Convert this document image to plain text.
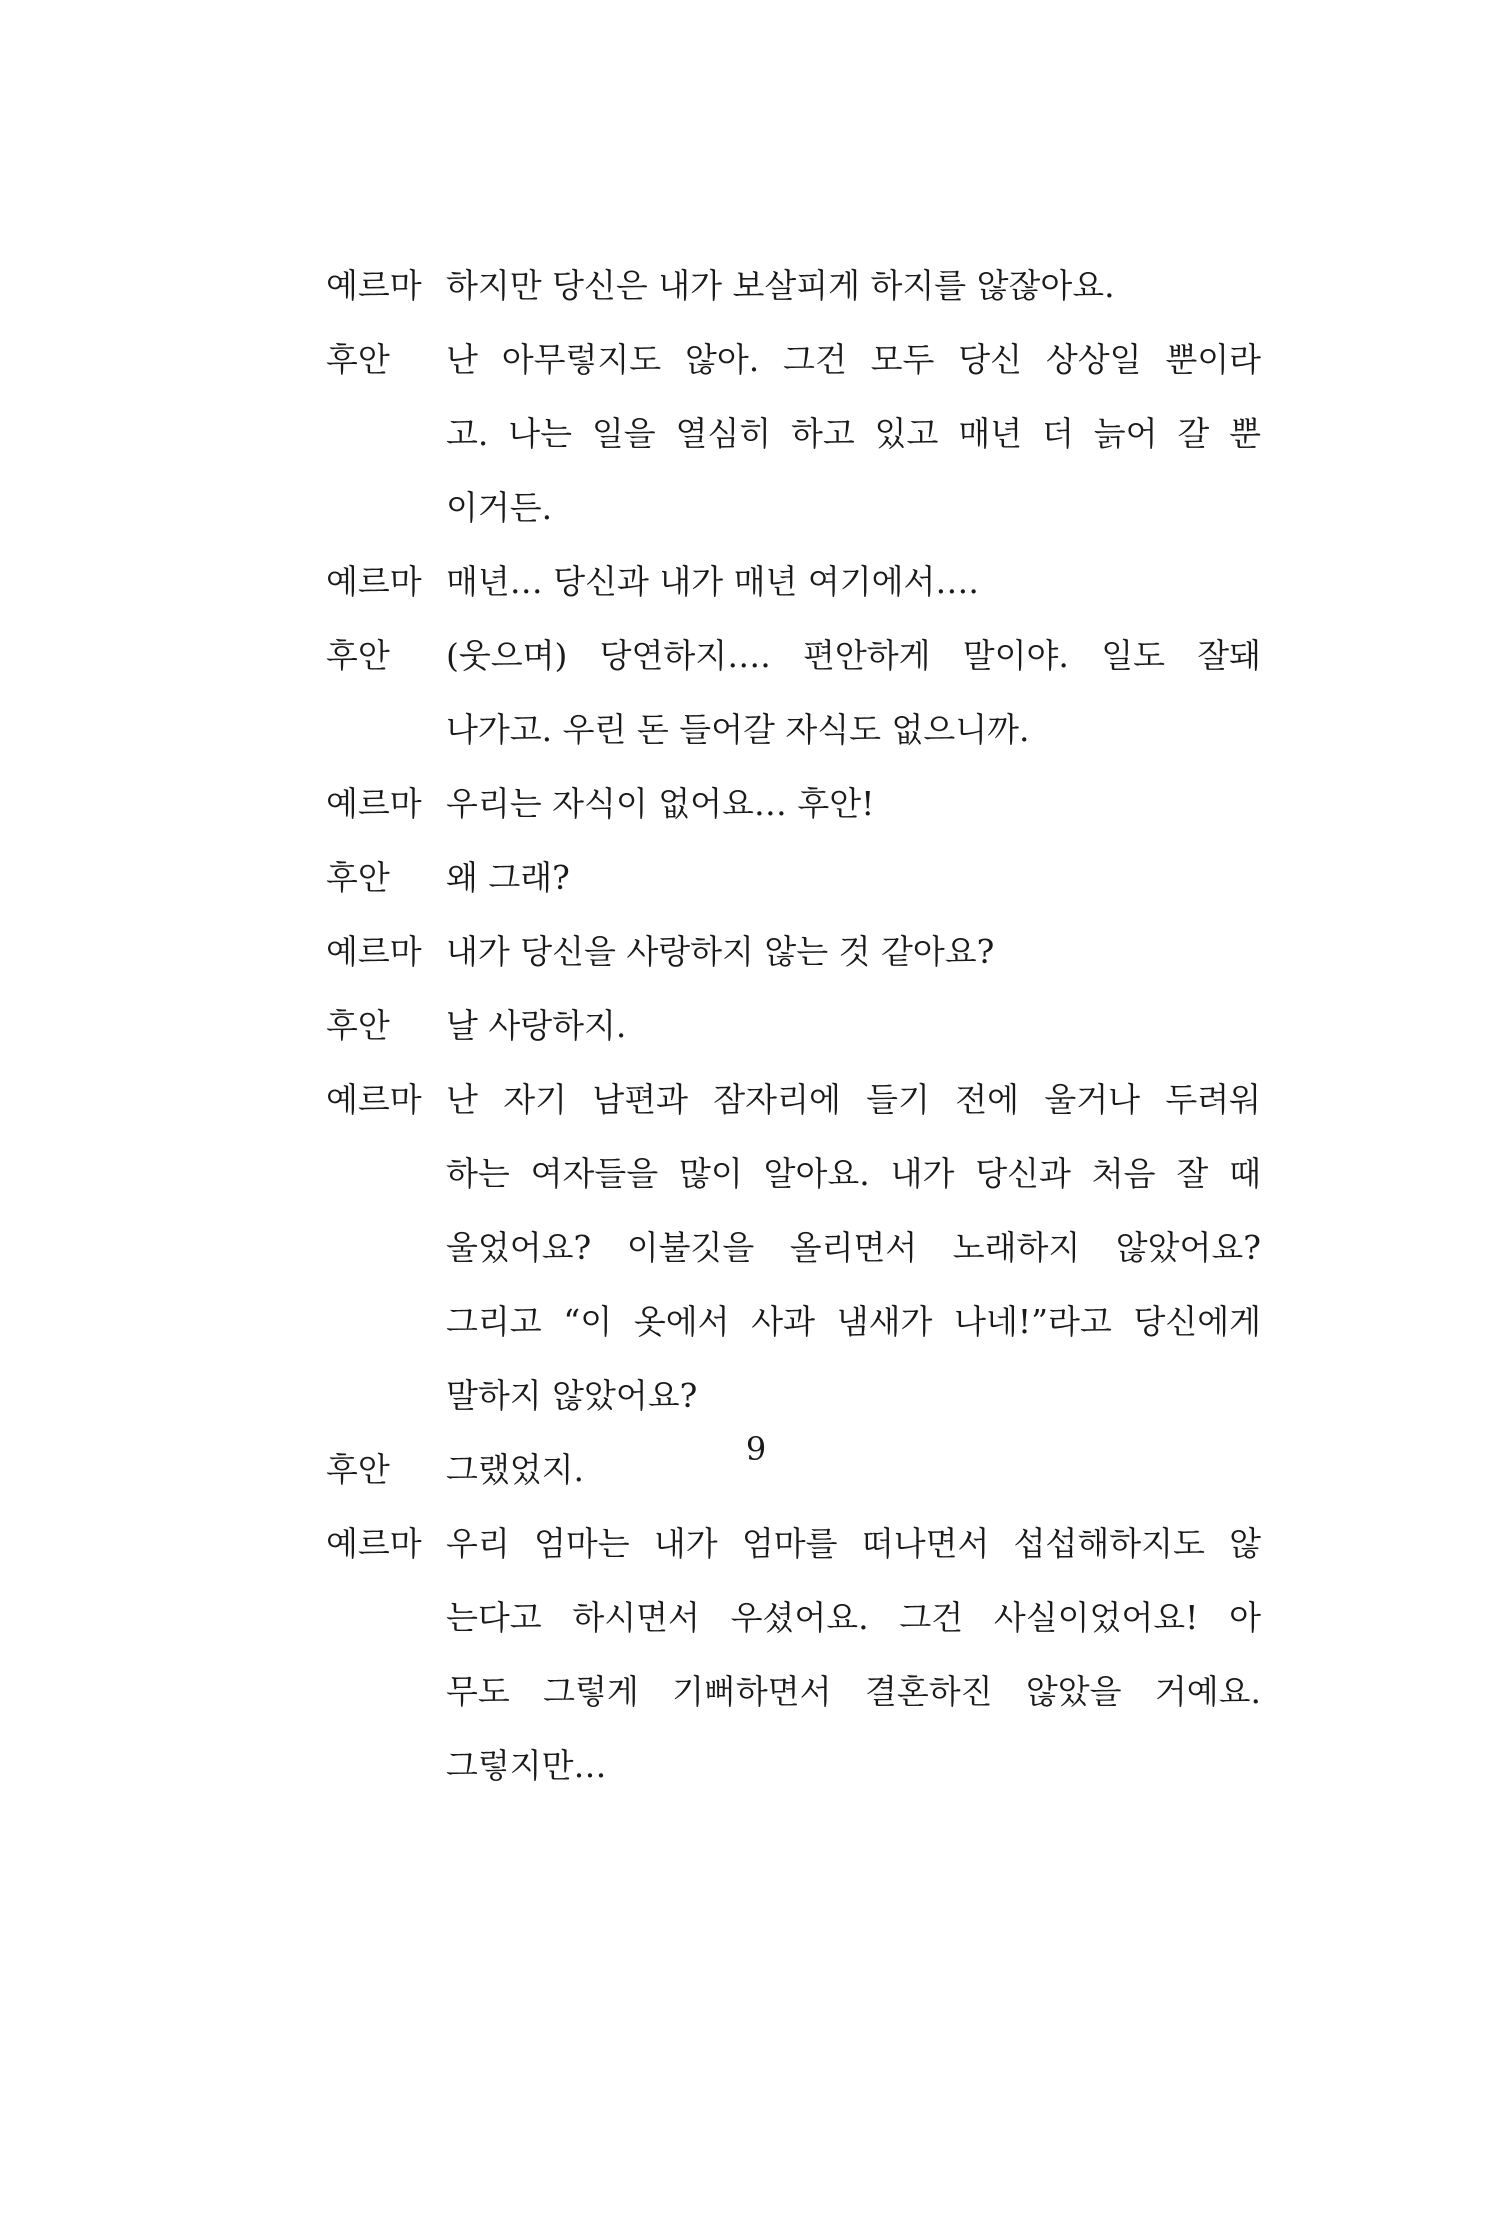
예르마 하지만 당신은 내가 보살피게 하지를 않잖아요.
후안	난 아무렇지도 않아. 그건 모두 당신 상상일 뿐이라
고. 나는 일을 열심히 하고 있고 매년 더 늙어 갈 뿐
이거든.
예르마 매년… 당신과 내가 매년 여기에서….
후안	(웃으며) 당연하지…. 편안하게 말이야. 일도 잘돼
나가고. 우린 돈 들어갈 자식도 없으니까.
예르마 우리는 자식이 없어요… 후안!
후안	왜 그래?
예르마 내가 당신을 사랑하지 않는 것 같아요?
후안	날 사랑하지.
예르마 난 자기 남편과 잠자리에 들기 전에 울거나 두려워
하는 여자들을 많이 알아요. 내가 당신과 처음 잘 때
울었어요? 이불깃을 올리면서 노래하지 않았어요?
그리고 “이 옷에서 사과 냄새가 나네!”라고 당신에게
말하지 않았어요?
후안	그랬었지.
예르마 우리 엄마는 내가 엄마를 떠나면서 섭섭해하지도 않
는다고 하시면서 우셨어요. 그건 사실이었어요! 아
무도 그렇게 기뻐하면서 결혼하진 않았을 거예요.
그렇지만…
9
